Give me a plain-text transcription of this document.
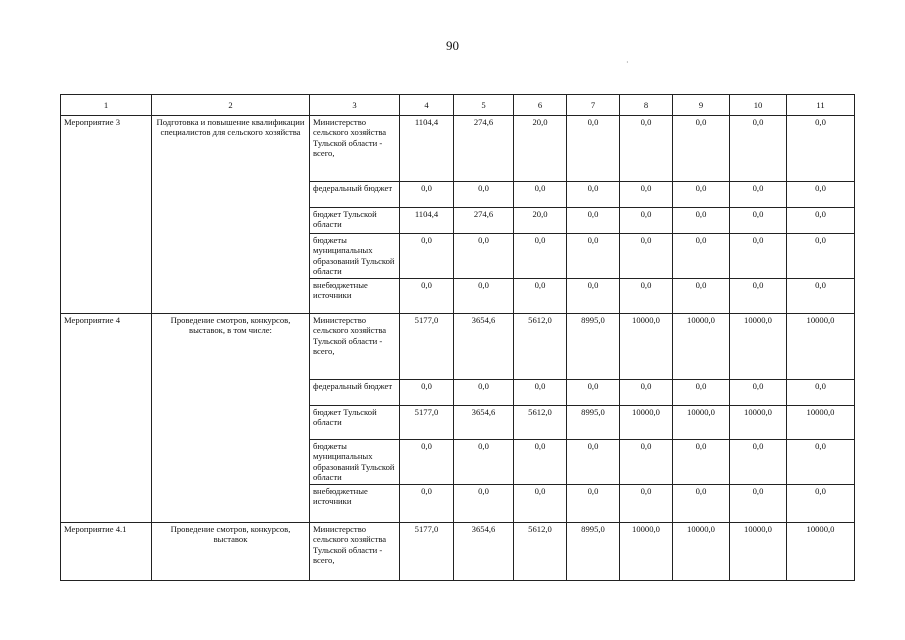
90
·
1	2	3	4	5	6	7	8	9	10	11
Мероприятие 3	Подготовка и повышение квалификации специалистов для сельского хозяйства	Министерство сельского хозяйства Тульской области - всего,	1104,4	274,6	20,0	0,0	0,0	0,0	0,0	0,0
		федеральный бюджет	0,0	0,0	0,0	0,0	0,0	0,0	0,0	0,0
		бюджет Тульской области	1104,4	274,6	20,0	0,0	0,0	0,0	0,0	0,0
		бюджеты муниципальных образований Тульской области	0,0	0,0	0,0	0,0	0,0	0,0	0,0	0,0
		внебюджетные источники	0,0	0,0	0,0	0,0	0,0	0,0	0,0	0,0
Мероприятие 4	Проведение смотров, конкурсов, выставок, в том числе:	Министерство сельского хозяйства Тульской области - всего,	5177,0	3654,6	5612,0	8995,0	10000,0	10000,0	10000,0	10000,0
		федеральный бюджет	0,0	0,0	0,0	0,0	0,0	0,0	0,0	0,0
		бюджет Тульской области	5177,0	3654,6	5612,0	8995,0	10000,0	10000,0	10000,0	10000,0
		бюджеты муниципальных образований Тульской области	0,0	0,0	0,0	0,0	0,0	0,0	0,0	0,0
		внебюджетные источники	0,0	0,0	0,0	0,0	0,0	0,0	0,0	0,0
Мероприятие 4.1	Проведение смотров, конкурсов, выставок	Министерство сельского хозяйства Тульской области - всего,	5177,0	3654,6	5612,0	8995,0	10000,0	10000,0	10000,0	10000,0
